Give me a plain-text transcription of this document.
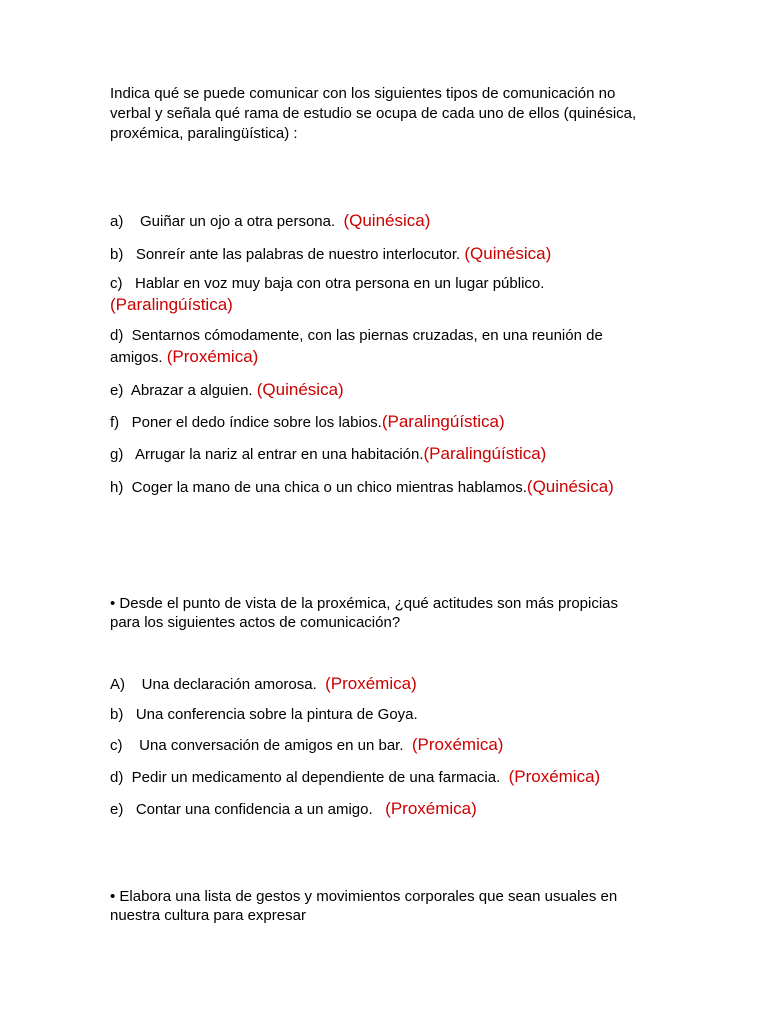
Indica qué se puede comunicar con los siguientes tipos de comunicación no
verbal y señala qué rama de estudio se ocupa de cada uno de ellos (quinésica,
proxémica, paralingüística) :
a)    Guiñar un ojo a otra persona.  (Quinésica)
b)   Sonreír ante las palabras de nuestro interlocutor. (Quinésica)
c)   Hablar en voz muy baja con otra persona en un lugar público.
(Paralingúística)
d)  Sentarnos cómodamente, con las piernas cruzadas, en una reunión de
amigos. (Proxémica)
e)  Abrazar a alguien. (Quinésica)
f)   Poner el dedo índice sobre los labios.(Paralingúística)
g)   Arrugar la nariz al entrar en una habitación.(Paralingúística)
h)  Coger la mano de una chica o un chico mientras hablamos.(Quinésica)
• Desde el punto de vista de la proxémica, ¿qué actitudes son más propicias
para los siguientes actos de comunicación?
A)    Una declaración amorosa.  (Proxémica)
b)   Una conferencia sobre la pintura de Goya.
c)    Una conversación de amigos en un bar.  (Proxémica)
d)  Pedir un medicamento al dependiente de una farmacia.  (Proxémica)
e)   Contar una confidencia a un amigo.   (Proxémica)
• Elabora una lista de gestos y movimientos corporales que sean usuales en
nuestra cultura para expresar
